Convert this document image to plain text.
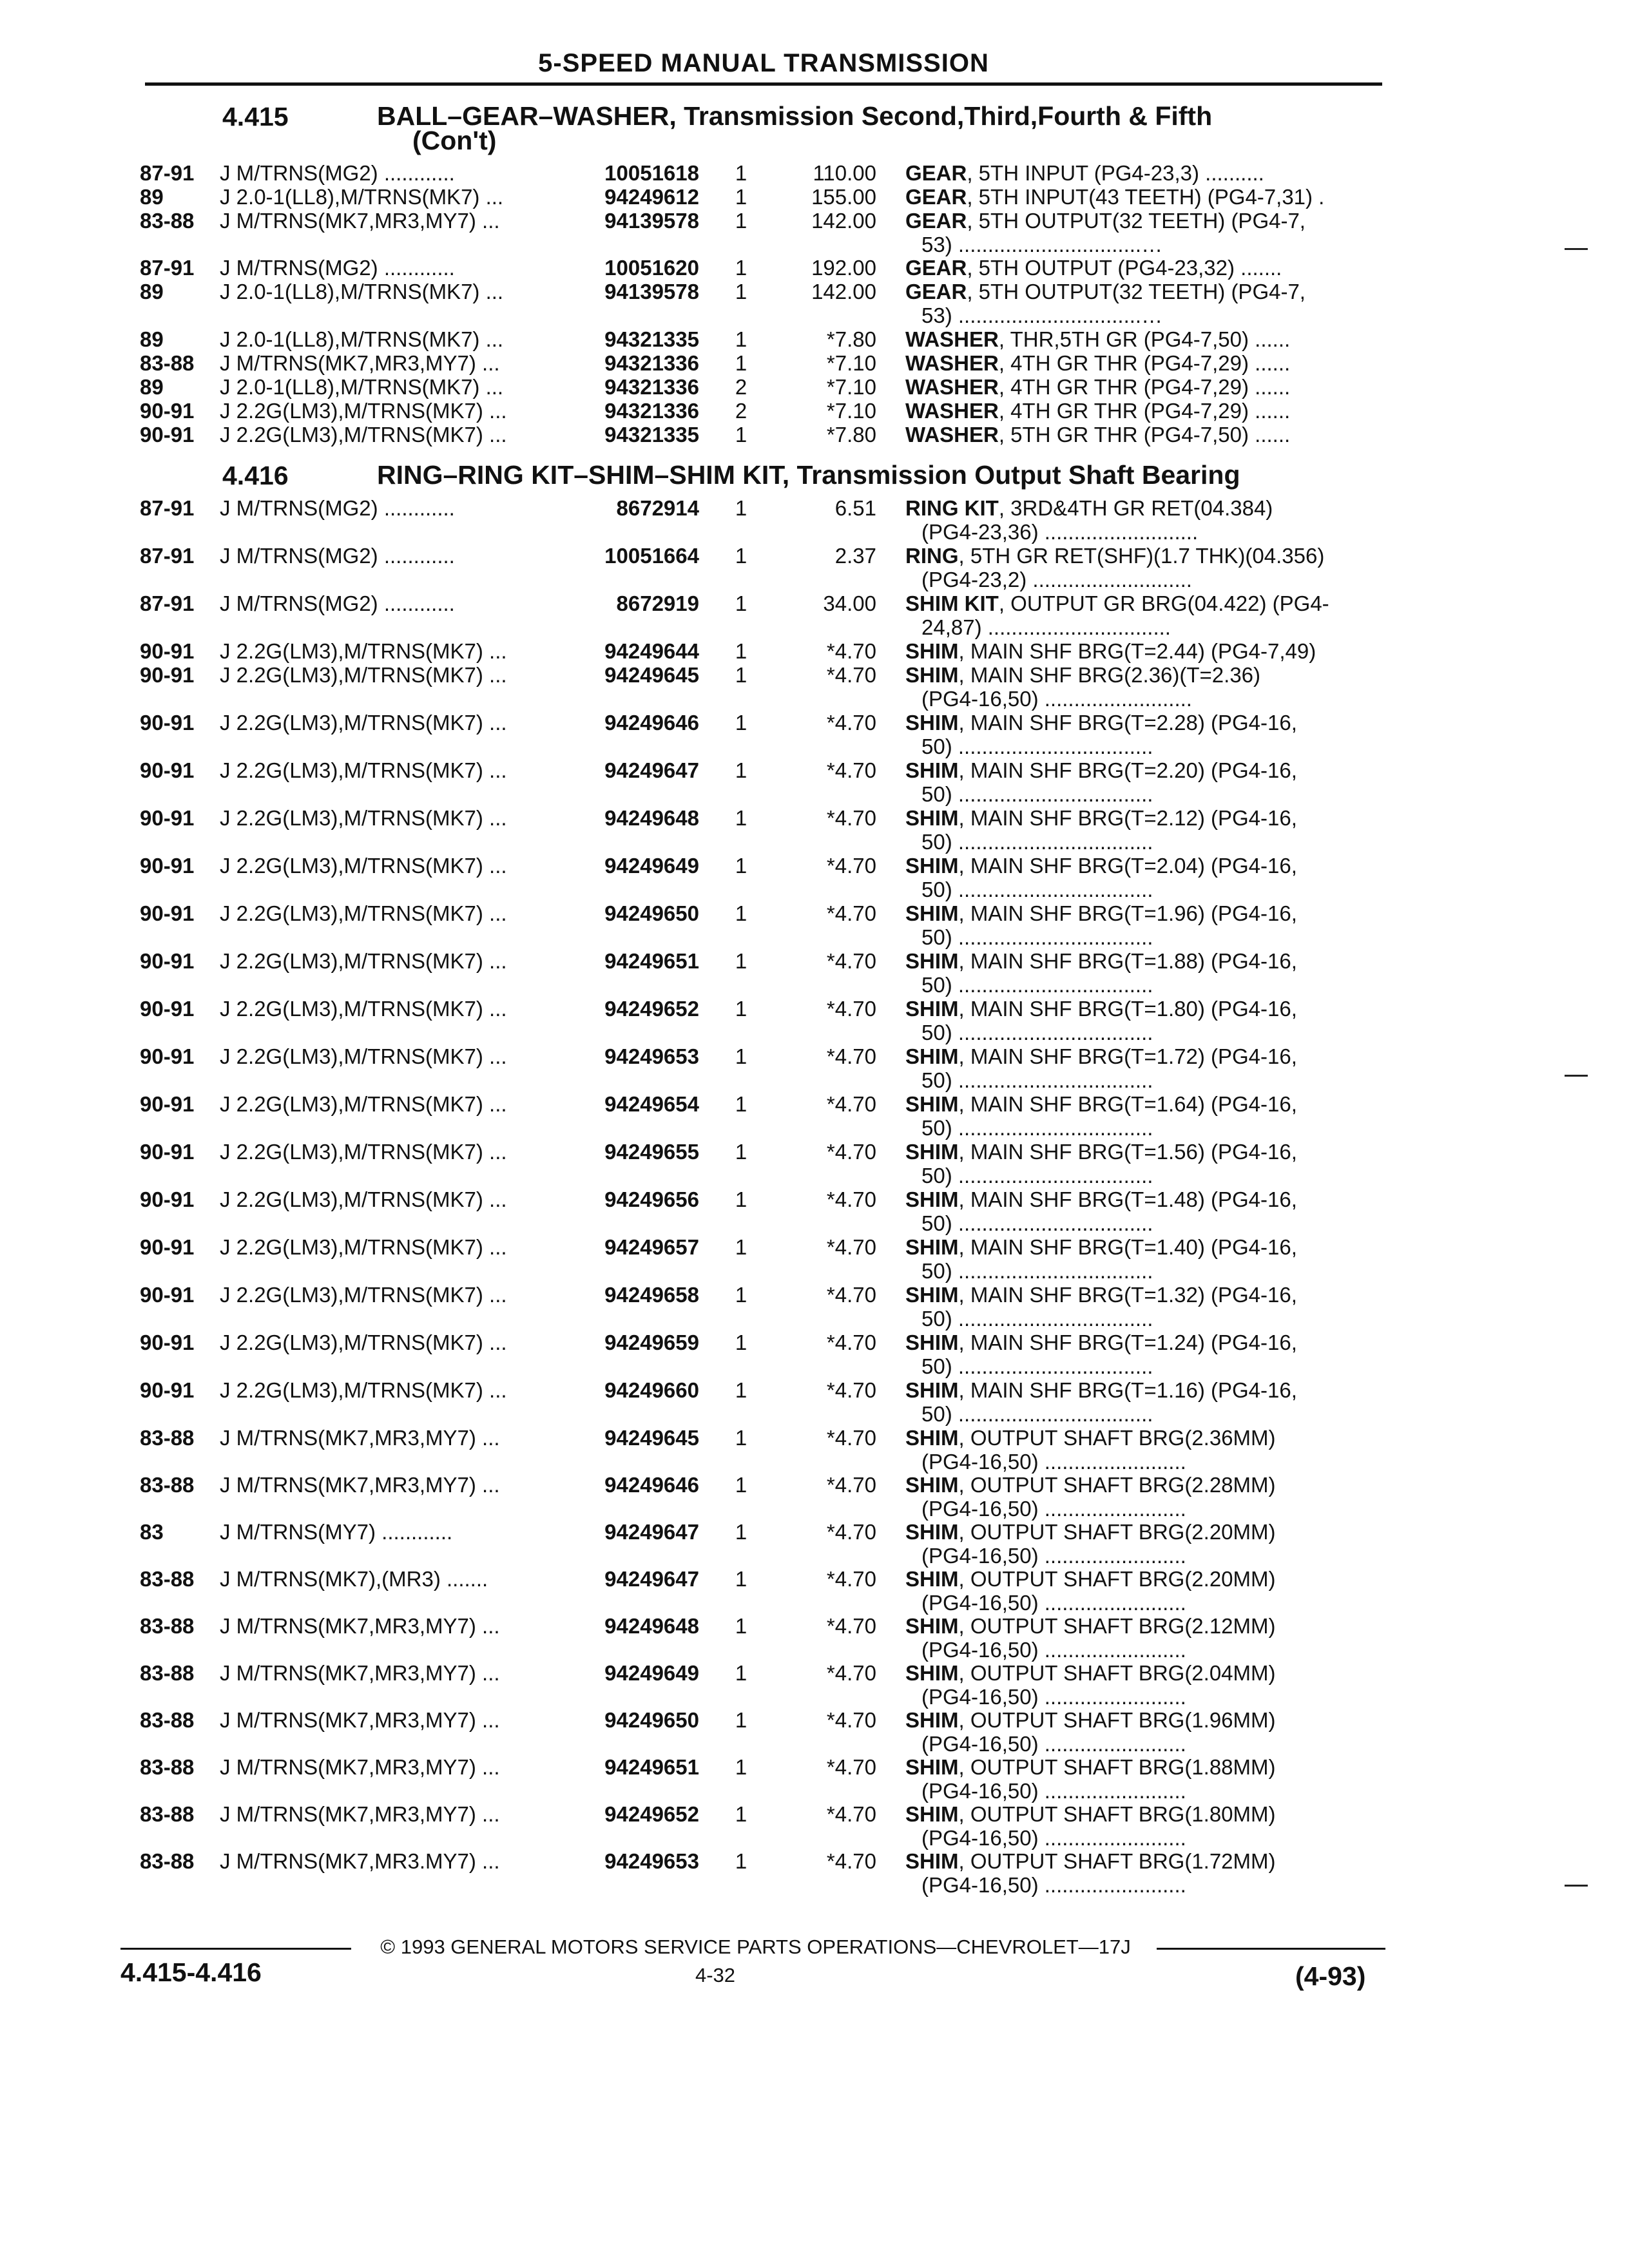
5-SPEED MANUAL TRANSMISSION
4.415	BALL–GEAR–WASHER, Transmission Second,Third,Fourth & Fifth
(Con't)
87-91 J M/TRNS(MG2) ............	10051618	1	110.00 GEAR, 5TH INPUT (PG4-23,3) ..........
89	J 2.0-1(LL8),M/TRNS(MK7) ...	94249612	1	155.00 GEAR, 5TH INPUT(43 TEETH) (PG4-7,31) .
83-88 J M/TRNS(MK7,MR3,MY7) ...	94139578	1	142.00 GEAR, 5TH OUTPUT(32 TEETH) (PG4-7,
53) ...............................…
87-91 J M/TRNS(MG2) ............	10051620	1	192.00 GEAR, 5TH OUTPUT (PG4-23,32) .......
89	J 2.0-1(LL8),M/TRNS(MK7) ...	94139578	1	142.00 GEAR, 5TH OUTPUT(32 TEETH) (PG4-7,
53) ...............................…
89	J 2.0-1(LL8),M/TRNS(MK7) ...	94321335	1	*7.80 WASHER, THR,5TH GR (PG4-7,50) ......
83-88 J M/TRNS(MK7,MR3,MY7) ...	94321336	1	*7.10 WASHER, 4TH GR THR (PG4-7,29) ......
89	J 2.0-1(LL8),M/TRNS(MK7) ...	94321336	2	*7.10 WASHER, 4TH GR THR (PG4-7,29) ......
90-91 J 2.2G(LM3),M/TRNS(MK7) ...	94321336	2	*7.10 WASHER, 4TH GR THR (PG4-7,29) ......
90-91 J 2.2G(LM3),M/TRNS(MK7) ...	94321335	1	*7.80 WASHER, 5TH GR THR (PG4-7,50) ......
4.416	RING–RING KIT–SHIM–SHIM KIT, Transmission Output Shaft Bearing
87-91 J M/TRNS(MG2) ............	8672914	1	6.51 RING KIT, 3RD&4TH GR RET(04.384)
(PG4-23,36) ..........................
87-91 J M/TRNS(MG2) ............	10051664	1	2.37 RING, 5TH GR RET(SHF)(1.7 THK)(04.356)
(PG4-23,2) ...........................
87-91 J M/TRNS(MG2) ............	8672919	1	34.00 SHIM KIT, OUTPUT GR BRG(04.422) (PG4-
24,87) ...............................
90-91 J 2.2G(LM3),M/TRNS(MK7) ...	94249644	1	*4.70 SHIM, MAIN SHF BRG(T=2.44) (PG4-7,49)
90-91 J 2.2G(LM3),M/TRNS(MK7) ...	94249645	1	*4.70 SHIM, MAIN SHF BRG(2.36)(T=2.36)
(PG4-16,50) .........................
90-91 J 2.2G(LM3),M/TRNS(MK7) ...	94249646	1	*4.70 SHIM, MAIN SHF BRG(T=2.28) (PG4-16,
50) .................................
90-91 J 2.2G(LM3),M/TRNS(MK7) ...	94249647	1	*4.70 SHIM, MAIN SHF BRG(T=2.20) (PG4-16,
50) .................................
90-91 J 2.2G(LM3),M/TRNS(MK7) ...	94249648	1	*4.70 SHIM, MAIN SHF BRG(T=2.12) (PG4-16,
50) .................................
90-91 J 2.2G(LM3),M/TRNS(MK7) ...	94249649	1	*4.70 SHIM, MAIN SHF BRG(T=2.04) (PG4-16,
50) .................................
90-91 J 2.2G(LM3),M/TRNS(MK7) ...	94249650	1	*4.70 SHIM, MAIN SHF BRG(T=1.96) (PG4-16,
50) .................................
90-91 J 2.2G(LM3),M/TRNS(MK7) ...	94249651	1	*4.70 SHIM, MAIN SHF BRG(T=1.88) (PG4-16,
50) .................................
90-91 J 2.2G(LM3),M/TRNS(MK7) ...	94249652	1	*4.70 SHIM, MAIN SHF BRG(T=1.80) (PG4-16,
50) .................................
90-91 J 2.2G(LM3),M/TRNS(MK7) ...	94249653	1	*4.70 SHIM, MAIN SHF BRG(T=1.72) (PG4-16,
50) .................................
90-91 J 2.2G(LM3),M/TRNS(MK7) ...	94249654	1	*4.70 SHIM, MAIN SHF BRG(T=1.64) (PG4-16,
50) .................................
90-91 J 2.2G(LM3),M/TRNS(MK7) ...	94249655	1	*4.70 SHIM, MAIN SHF BRG(T=1.56) (PG4-16,
50) .................................
90-91 J 2.2G(LM3),M/TRNS(MK7) ...	94249656	1	*4.70 SHIM, MAIN SHF BRG(T=1.48) (PG4-16,
50) .................................
90-91 J 2.2G(LM3),M/TRNS(MK7) ...	94249657	1	*4.70 SHIM, MAIN SHF BRG(T=1.40) (PG4-16,
50) .................................
90-91 J 2.2G(LM3),M/TRNS(MK7) ...	94249658	1	*4.70 SHIM, MAIN SHF BRG(T=1.32) (PG4-16,
50) .................................
90-91 J 2.2G(LM3),M/TRNS(MK7) ...	94249659	1	*4.70 SHIM, MAIN SHF BRG(T=1.24) (PG4-16,
50) .................................
90-91 J 2.2G(LM3),M/TRNS(MK7) ...	94249660	1	*4.70 SHIM, MAIN SHF BRG(T=1.16) (PG4-16,
50) .................................
83-88 J M/TRNS(MK7,MR3,MY7) ...	94249645	1	*4.70 SHIM, OUTPUT SHAFT BRG(2.36MM)
(PG4-16,50) ........................
83-88 J M/TRNS(MK7,MR3,MY7) ...	94249646	1	*4.70 SHIM, OUTPUT SHAFT BRG(2.28MM)
(PG4-16,50) ........................
83	J M/TRNS(MY7) ............	94249647	1	*4.70 SHIM, OUTPUT SHAFT BRG(2.20MM)
(PG4-16,50) ........................
83-88 J M/TRNS(MK7),(MR3) .......	94249647	1	*4.70 SHIM, OUTPUT SHAFT BRG(2.20MM)
(PG4-16,50) ........................
83-88 J M/TRNS(MK7,MR3,MY7) ...	94249648	1	*4.70 SHIM, OUTPUT SHAFT BRG(2.12MM)
(PG4-16,50) ........................
83-88 J M/TRNS(MK7,MR3,MY7) ...	94249649	1	*4.70 SHIM, OUTPUT SHAFT BRG(2.04MM)
(PG4-16,50) ........................
83-88 J M/TRNS(MK7,MR3,MY7) ...	94249650	1	*4.70 SHIM, OUTPUT SHAFT BRG(1.96MM)
(PG4-16,50) ........................
83-88 J M/TRNS(MK7,MR3,MY7) ...	94249651	1	*4.70 SHIM, OUTPUT SHAFT BRG(1.88MM)
(PG4-16,50) ........................
83-88 J M/TRNS(MK7,MR3,MY7) ...	94249652	1	*4.70 SHIM, OUTPUT SHAFT BRG(1.80MM)
(PG4-16,50) ........................
83-88 J M/TRNS(MK7,MR3.MY7) ...	94249653	1	*4.70 SHIM, OUTPUT SHAFT BRG(1.72MM)
(PG4-16,50) ........................
© 1993 GENERAL MOTORS SERVICE PARTS OPERATIONS—CHEVROLET—17J
4.415-4.416	4-32	(4-93)
